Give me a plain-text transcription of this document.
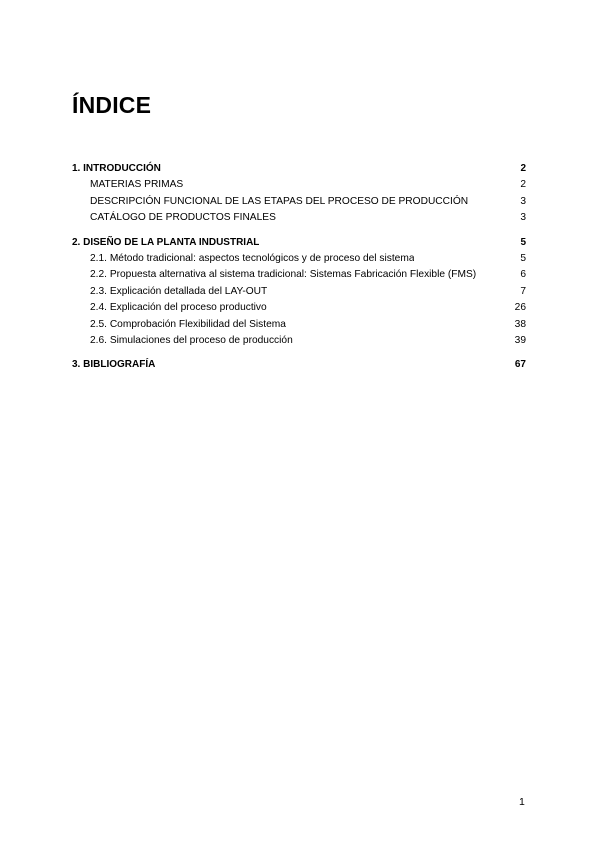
ÍNDICE
1. INTRODUCCIÓN	2
MATERIAS PRIMAS	2
DESCRIPCIÓN FUNCIONAL DE LAS ETAPAS DEL PROCESO DE PRODUCCIÓN	3
CATÁLOGO DE PRODUCTOS FINALES	3
2. DISEÑO DE LA PLANTA INDUSTRIAL	5
2.1. Método tradicional: aspectos tecnológicos y de proceso del sistema	5
2.2. Propuesta alternativa al sistema tradicional: Sistemas Fabricación Flexible (FMS)	6
2.3. Explicación detallada del LAY-OUT	7
2.4. Explicación del proceso productivo	26
2.5. Comprobación Flexibilidad del Sistema	38
2.6. Simulaciones del proceso de producción	39
3. BIBLIOGRAFÍA	67
1
